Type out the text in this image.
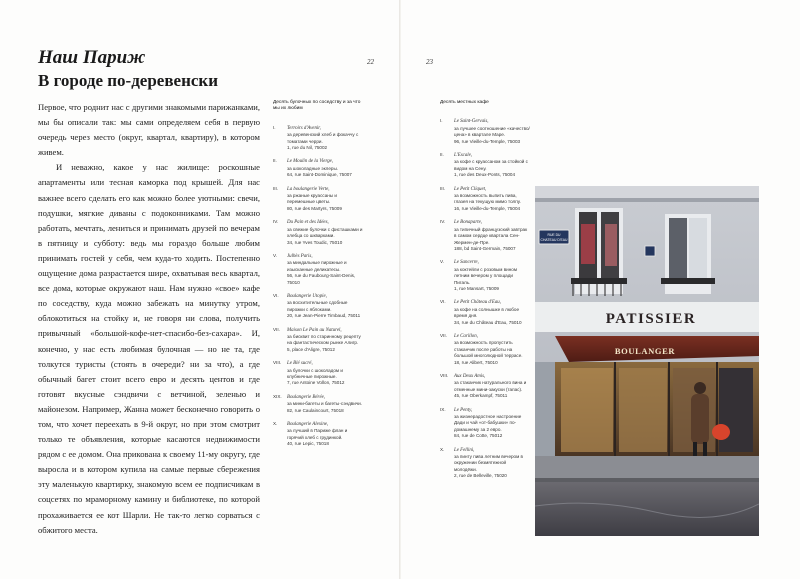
22	23
Наш Париж
В городе по-деревенски

Первое, что роднит нас с другими знакомыми парижанками, мы бы описали так: мы сами определяем себя в первую очередь через место (округ, квартал, квартиру), в котором живем.

И неважно, какое у нас жилище: роскошные апартаменты или тесная каморка под крышей. Для нас важнее всего сделать его как можно более уютными: свечи, подушки, мягкие диваны с подоконниками. Там можно работать, мечтать, лениться и принимать друзей по вечерам в пятницу и субботу: ведь мы гораздо больше любим принимать гостей у себя, чем куда-то ходить. Постепенно ощущение дома разрастается шире, охватывая весь квартал, все дома, которые окружают наш. Нам нужно «свое» кафе по соседству, куда можно забежать на минутку утром, облокотиться на стойку и, не говоря ни слова, получить привычный «большой-кофе-нет-спасибо-без-сахара». И, конечно, у нас есть любимая булочная — но не та, где толкутся туристы (стоять в очереди? ни за что), а где обычный багет стоит всего евро и десять центов и где готовят вкусные сэндвичи с ветчиной, зеленью и майонезом. Например, Жанна может бесконечно говорить о том, что хочет переехать в 9-й округ, но при этом смотрит только те объявления, которые касаются недвижимости рядом с ее домом. Она прикована к своему 11-му округу, где выросла и в котором купила на самые первые сбережения эту маленькую квартирку, знакомую всем ее подписчикам в соцсетях по мраморному камину и библиотеке, по которой прохаживается ее кот Шарли. Не так-то легко сорваться с обжитого места.

Десять булочных по соседству и за что мы их любим

I. Terroirs d'Avenir,
за деревенский хлеб и фокаччу с томатами черри.
1, rue du Nil, 75002
II. Le Moulin de la Vierge,
за шоколадные эклеры.
64, rue Saint-Dominique, 75007
III. La boulangerie Verte,
за ржаные круассаны и перемешные цветы.
80, rue des Martyrs, 75009
IV. Du Pain et des Idées,
за свежие булочки с фисташками и хлебца со шкварками.
34, rue Yves Toudic, 75010
V. Julhès Paris,
за миндальные пирожные и изысканные деликатесы.
56, rue du Faubourg-Saint-Denis, 75010
VI. Boulangerie Utopie,
за восхитительные сдобные пирожки с яблоками.
20, rue Jean-Pierre Timbaud, 75011
VII. Maison Le Pain au Naturel,
за бисквит по старинному рецепту на фантастическом рынке Алигр.
5, place d'Aligre, 75012
VIII. Le Blé sucré,
за булочки с шоколадом и клубничные пирожные.
7, rue Antoine Vollon, 75012
XIX. Boulangerie Bérée,
за мини-багеты и багеты-сэндвичи.
82, rue Caulaincourt, 75018
X. Boulangerie Alexine,
за лучший в Париже флан и горячий хлеб с грудинкой.
40, rue Lepic, 75018

Десять местных кафе

I. Le Saint-Gervais,
за лучшее соотношение «качество/цена» в квартале Маре.
96, rue Vieille-du-Temple, 75003
II. L'Escale,
за кофе с круассаном за стойкой с видом на Сену.
1, rue des Deux-Ponts, 75004
III. Le Petit Cliquet,
за возможность выпить пива, глазея на текущую мимо толпу.
16, rue Vieille-du-Temple, 75004
IV. Le Bonaparte,
за типичный французский завтрак в самом сердце квартала Сен-Жермен-де-Пре.
188, bd Saint-Germain, 75007
V. Le Sancerre,
за коктейли с розовым вином летним вечером у площади Пигаль.
1, rue Mansart, 75009
VI. Le Petit Château d'Eau,
за кофе на солнышке в любое время дня.
34, rue du Château d'Eau, 75010
VII. Le Carillon,
за возможность пропустить стаканчик после работы на большой многолюдной террасе.
18, rue Alibert, 75010
VIII. Aux Deux Amis,
за стаканчик натурального вина и отменные мини-закуски (тапас).
45, rue Oberkampf, 75011
IX. Le Penty,
за жизнерадостное настроение Дади и чай «от-бабушки» по-домашнему за 2 евро.
84, rue de Cotte, 75012
X. Le Fellini,
за пинту пива летним вечером в окружении безмятежной молодёжи.
2, rue de Belleville, 75020
RUE DU
CHATEAU D'EAU
PATISSIER
BOULANGER
